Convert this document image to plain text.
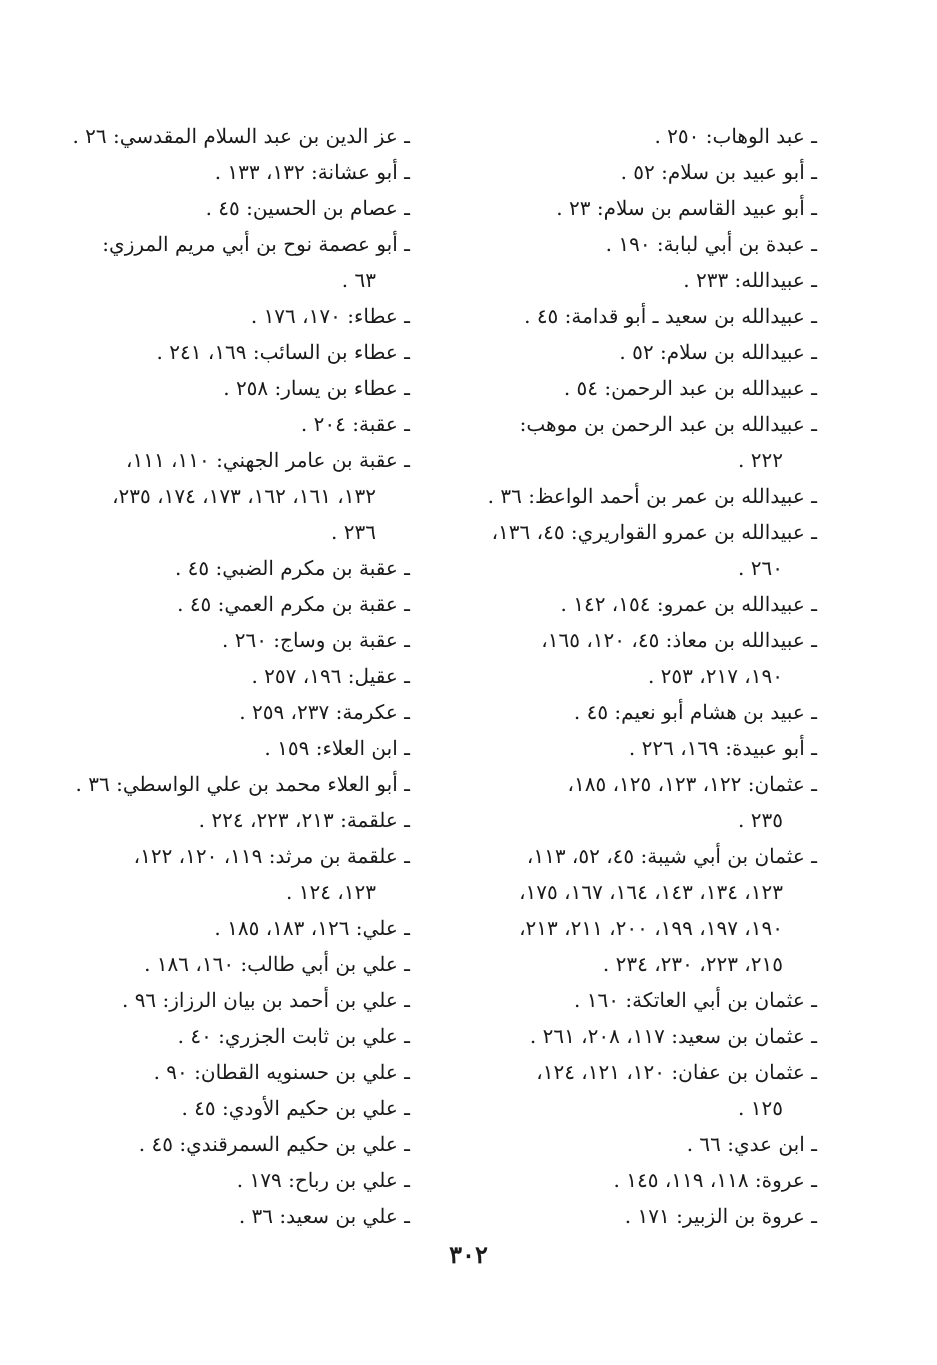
ـ عبد الوهاب: ٢٥٠ .
ـ أبو عبيد بن سلام: ٥٢ .
ـ أبو عبيد القاسم بن سلام: ٢٣ .
ـ عبدة بن أبي لبابة: ١٩٠ .
ـ عبيدالله: ٢٣٣ .
ـ عبيدالله بن سعيد ـ أبو قدامة: ٤٥ .
ـ عبيدالله بن سلام: ٥٢ .
ـ عبيدالله بن عبد الرحمن: ٥٤ .
ـ عبيدالله بن عبد الرحمن بن موهب:
٢٢٢ .
ـ عبيدالله بن عمر بن أحمد الواعظ: ٣٦ .
ـ عبيدالله بن عمرو القواريري: ٤٥، ١٣٦،
٢٦٠ .
ـ عبيدالله بن عمرو: ١٥٤، ١٤٢ .
ـ عبيدالله بن معاذ: ٤٥، ١٢٠، ١٦٥،
١٩٠، ٢١٧، ٢٥٣ .
ـ عبيد بن هشام أبو نعيم: ٤٥ .
ـ أبو عبيدة: ١٦٩، ٢٢٦ .
ـ عثمان: ١٢٢، ١٢٣، ١٢٥، ١٨٥،
٢٣٥ .
ـ عثمان بن أبي شيبة: ٤٥، ٥٢، ١١٣،
١٢٣، ١٣٤، ١٤٣، ١٦٤، ١٦٧، ١٧٥،
١٩٠، ١٩٧، ١٩٩، ٢٠٠، ٢١١، ٢١٣،
٢١٥، ٢٢٣، ٢٣٠، ٢٣٤ .
ـ عثمان بن أبي العاتكة: ١٦٠ .
ـ عثمان بن سعيد: ١١٧، ٢٠٨، ٢٦١ .
ـ عثمان بن عفان: ١٢٠، ١٢١، ١٢٤،
١٢٥ .
ـ ابن عدي: ٦٦ .
ـ عروة: ١١٨، ١١٩، ١٤٥ .
ـ عروة بن الزبير: ١٧١ .
ـ عز الدين بن عبد السلام المقدسي: ٢٦ .
ـ أبو عشانة: ١٣٢، ١٣٣ .
ـ عصام بن الحسين: ٤٥ .
ـ أبو عصمة نوح بن أبي مريم المرزي:
٦٣ .
ـ عطاء: ١٧٠، ١٧٦ .
ـ عطاء بن السائب: ١٦٩، ٢٤١ .
ـ عطاء بن يسار: ٢٥٨ .
ـ عقبة: ٢٠٤ .
ـ عقبة بن عامر الجهني: ١١٠، ١١١،
١٣٢، ١٦١، ١٦٢، ١٧٣، ١٧٤، ٢٣٥،
٢٣٦ .
ـ عقبة بن مكرم الضبي: ٤٥ .
ـ عقبة بن مكرم العمي: ٤٥ .
ـ عقبة بن وساج: ٢٦٠ .
ـ عقيل: ١٩٦، ٢٥٧ .
ـ عكرمة: ٢٣٧، ٢٥٩ .
ـ ابن العلاء: ١٥٩ .
ـ أبو العلاء محمد بن علي الواسطي: ٣٦ .
ـ علقمة: ٢١٣، ٢٢٣، ٢٢٤ .
ـ علقمة بن مرثد: ١١٩، ١٢٠، ١٢٢،
١٢٣، ١٢٤ .
ـ علي: ١٢٦، ١٨٣، ١٨٥ .
ـ علي بن أبي طالب: ١٦٠، ١٨٦ .
ـ علي بن أحمد بن بيان الرزاز: ٩٦ .
ـ علي بن ثابت الجزري: ٤٠ .
ـ علي بن حسنويه القطان: ٩٠ .
ـ علي بن حكيم الأودي: ٤٥ .
ـ علي بن حكيم السمرقندي: ٤٥ .
ـ علي بن رباح: ١٧٩ .
ـ علي بن سعيد: ٣٦ .
٣٠٢
